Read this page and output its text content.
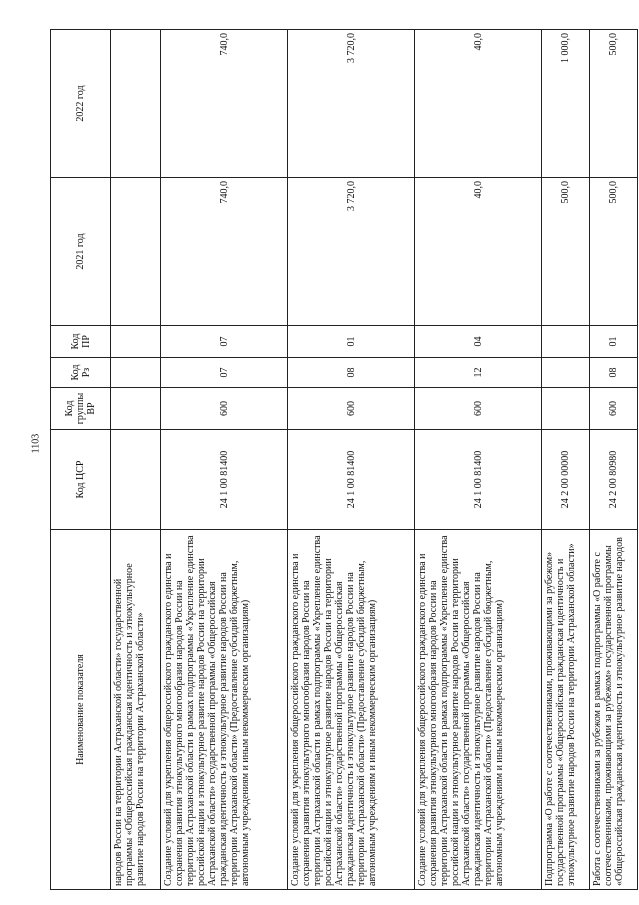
1103
Наименование показателя	Код ЦСР	Код группы ВР	Код Рз	Код ПР	2021 год	2022 год
народов России на территории Астраханской области» государственной программы «Общероссийская гражданская идентичность и этнокультурное развитие народов России на территории Астраханской области»						
Создание условий для укрепления общероссийского гражданского единства и сохранения развития этнокультурного многообразия народов России на территории Астраханской области в рамках подпрограммы «Укрепление единства российской нации и этнокультурное развитие народов России на территории Астраханской области» государственной программы «Общероссийская гражданская идентичность и этнокультурное развитие народов России на территории Астраханской области» (Предоставление субсидий бюджетным, автономным учреждениям и иным некоммерческим организациям)	24 1 00 81400	600	07	07	740,0	740,0
Создание условий для укрепления общероссийского гражданского единства и сохранения развития этнокультурного многообразия народов России на территории Астраханской области в рамках подпрограммы «Укрепление единства российской нации и этнокультурное развитие народов России на территории Астраханской области» государственной программы «Общероссийская гражданская идентичность и этнокультурное развитие народов России на территории Астраханской области» (Предоставление субсидий бюджетным, автономным учреждениям и иным некоммерческим организациям)	24 1 00 81400	600	08	01	3 720,0	3 720,0
Создание условий для укрепления общероссийского гражданского единства и сохранения развития этнокультурного многообразия народов России на территории Астраханской области в рамках подпрограммы «Укрепление единства российской нации и этнокультурное развитие народов России на территории Астраханской области» государственной программы «Общероссийская гражданская идентичность и этнокультурное развитие народов России на территории Астраханской области» (Предоставление субсидий бюджетным, автономным учреждениям и иным некоммерческим организациям)	24 1 00 81400	600	12	04	40,0	40,0
Подпрограмма «О работе с соотечественниками, проживающими за рубежом» государственной программы «Общероссийская гражданская идентичность и этнокультурное развитие народов России на территории Астраханской области»	24 2 00 00000				500,0	1 000,0
Работа с соотечественниками за рубежом в рамках подпрограммы «О работе с соотечественниками, проживающими за рубежом» государственной программы «Общероссийская гражданская идентичность и этнокультурное развитие народов	24 2 00 80980	600	08	01	500,0	500,0
